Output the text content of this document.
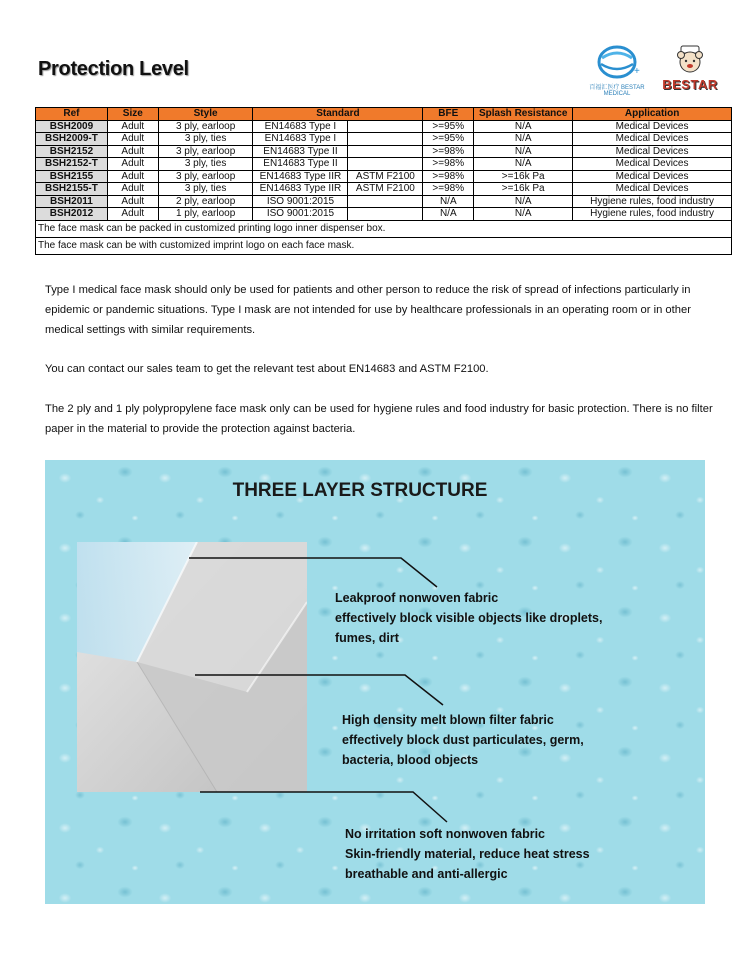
Protection Level	+
百福汇医疗 BESTAR MEDICAL
BESTAR
Ref	Size	Style	Standard		BFE	Splash Resistance	Application
BSH2009	Adult	3 ply, earloop	EN14683 Type I		>=95%	N/A	Medical Devices
BSH2009-T	Adult	3 ply, ties	EN14683 Type I		>=95%	N/A	Medical Devices
BSH2152	Adult	3 ply, earloop	EN14683 Type II		>=98%	N/A	Medical Devices
BSH2152-T	Adult	3 ply, ties	EN14683 Type II		>=98%	N/A	Medical Devices
BSH2155	Adult	3 ply, earloop	EN14683 Type IIR	ASTM F2100	>=98%	>=16k Pa	Medical Devices
BSH2155-T	Adult	3 ply, ties	EN14683 Type IIR	ASTM F2100	>=98%	>=16k Pa	Medical Devices
BSH2011	Adult	2 ply, earloop	ISO 9001:2015		N/A	N/A	Hygiene rules, food industry
BSH2012	Adult	1 ply, earloop	ISO 9001:2015		N/A	N/A	Hygiene rules, food industry
The face mask can be packed in customized printing logo inner dispenser box.							
The face mask can be with customized imprint logo on each face mask.							
Type I medical face mask should only be used for patients and other person to reduce the risk of spread of infections particularly in epidemic or pandemic situations. Type I mask are not intended for use by healthcare professionals in an operating room or in other medical settings with similar requirements.
You can contact our sales team to get the relevant test about EN14683 and ASTM F2100.
The 2 ply and 1 ply polypropylene face mask only can be used for hygiene rules and food industry for basic protection. There is no filter paper in the material to provide the protection against bacteria.
THREE LAYER STRUCTURE
Leakproof nonwoven fabric
effectively block visible objects like droplets,
fumes, dirt
High density melt blown filter fabric
effectively block dust particulates, germ,
bacteria, blood objects
No irritation soft nonwoven fabric
Skin-friendly material, reduce heat stress
breathable and anti-allergic
